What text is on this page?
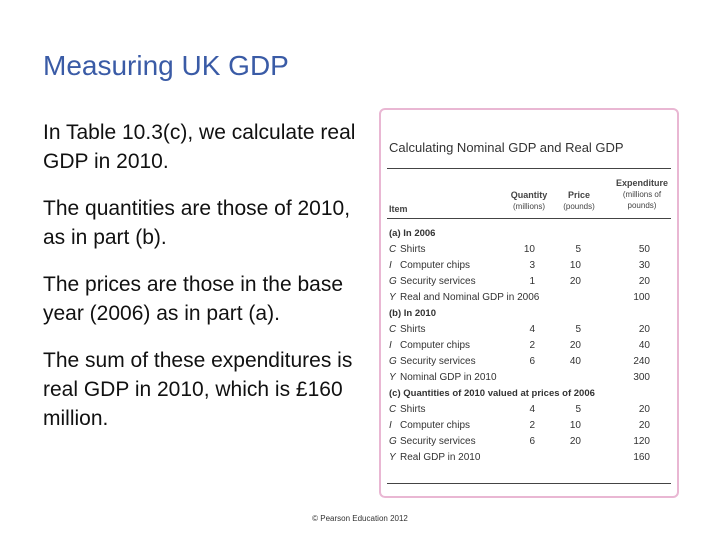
Measuring UK GDP
In Table 10.3(c), we calculate real GDP in 2010.
The quantities are those of 2010, as in part (b).
The prices are those in the base year (2006) as in part (a).
The sum of these expenditures is real GDP in 2010, which is £160 million.
Calculating Nominal GDP and Real GDP
Quantity
(millions)
Price
(pounds)
Expenditure
(millions of pounds)
Item
(a) In 2006
C Shirts	10	5	50
I Computer chips	3	10	30
G Security services	1	20	20
Y Real and Nominal GDP in 2006	100
(b) In 2010
C Shirts	4	5	20
I Computer chips	2	20	40
G Security services	6	40	240
Y Nominal GDP in 2010	300
(c) Quantities of 2010 valued at prices of 2006
C Shirts	4	5	20
I Computer chips	2	10	20
G Security services	6	20	120
Y Real GDP in 2010	160
© Pearson Education 2012
